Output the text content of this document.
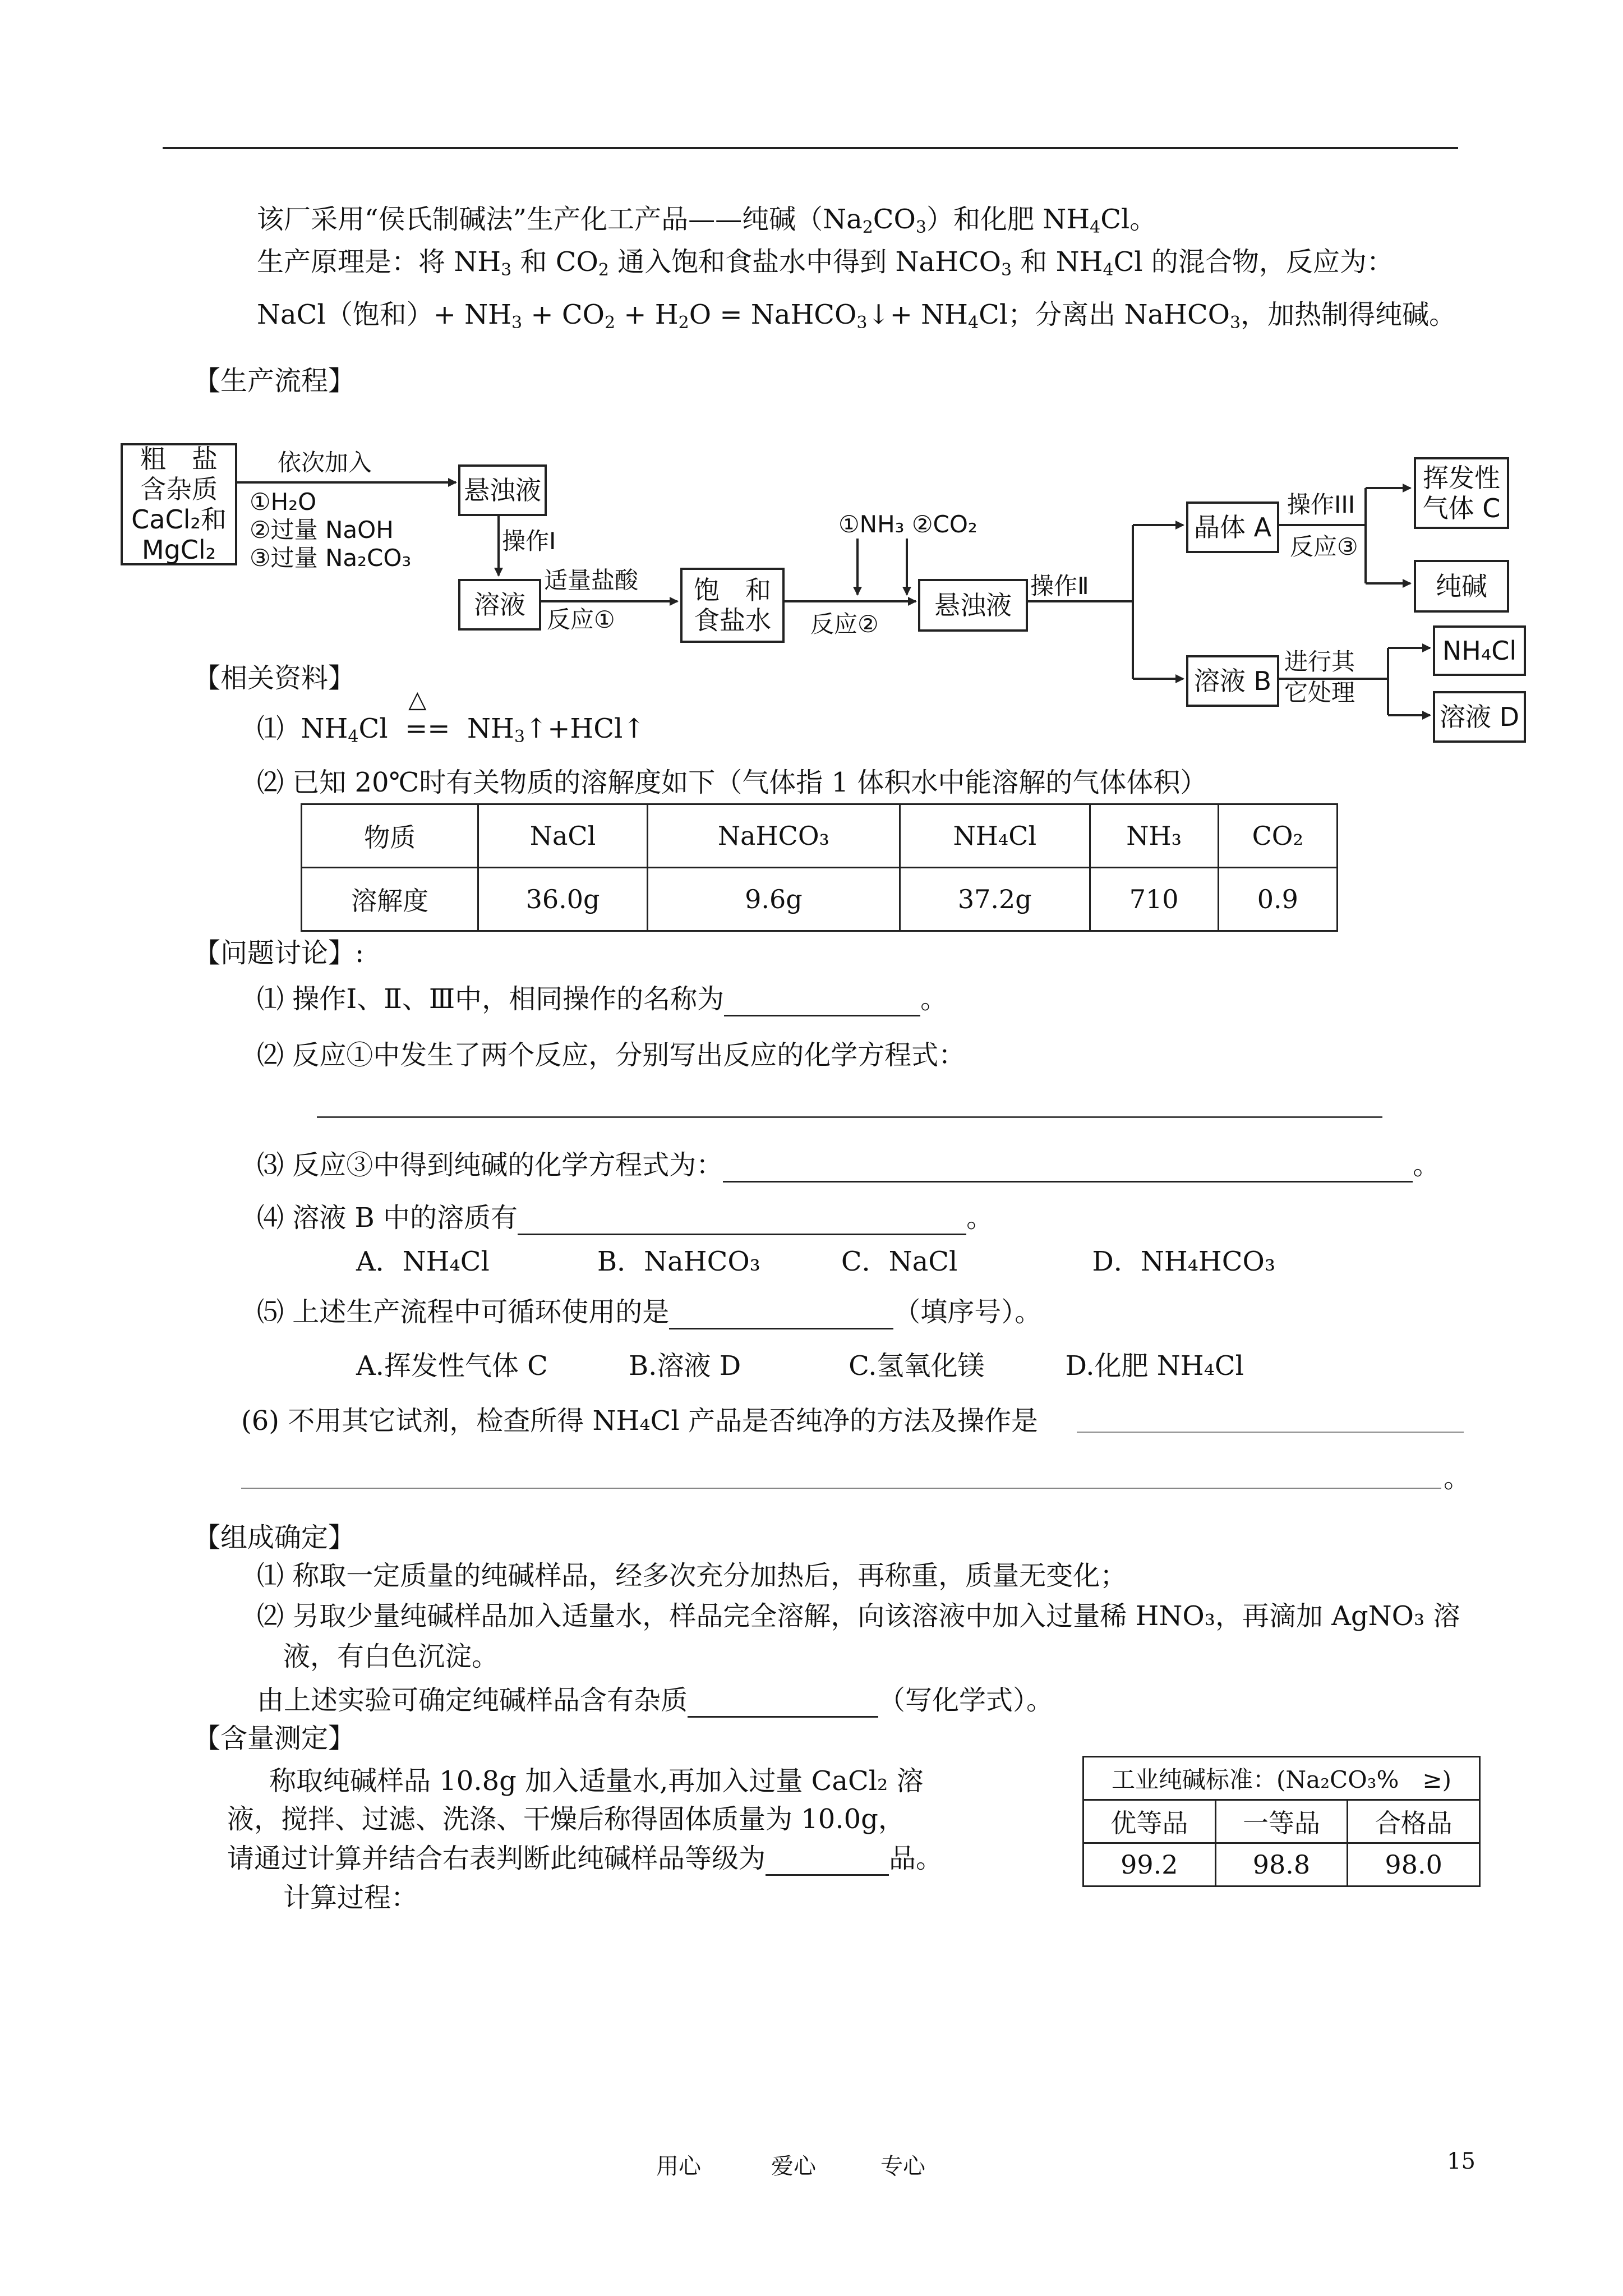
该厂采用“侯氏制碱法”生产化工产品——纯碱$(Na_2CO_3)$和化肥 $NH_4Cl$。
生产原理是：将 $NH_3$ 和 $CO_2$ 通入饱和食盐水中得到 NaHCO$_3$ 和 $NH_4Cl$ 的混合物，反应为：
NaCl（饱和）+ $NH_3 + CO_2 + H_2O$ = NaHCO$_3$↓+ $NH_4Cl$；分离出 NaHCO$_3$，加热制得纯碱。
【生产流程】
粗　盐
含杂质
CaCl₂和
MgCl₂
依次加入
①H₂O
②过量 NaOH
③过量 Na₂CO₃
悬浊液
操作Ⅰ
溶液
适量盐酸
反应①
饱　和
食盐水
①NH₃ ②CO₂
反应②
悬浊液
操作Ⅱ
晶体 A
操作III
反应③
挥发性
气体 C
纯碱
溶液 B
进行其
它处理
NH₄Cl
溶液 D
【相关资料】
⑴ $NH_4Cl$
△
== $NH_3↑+HCl↑$
⑵ 已知 20℃时有关物质的溶解度如下（气体指 1 体积水中能溶解的气体体积）
物质	NaCl	NaHCO₃	NH₄Cl	NH₃	CO₂
溶解度	36.0g	9.6g	37.2g	710	0.9
【问题讨论】:
⑴ 操作Ⅰ、Ⅱ、Ⅲ中，相同操作的名称为	。
⑵ 反应①中发生了两个反应，分别写出反应的化学方程式：
⑶ 反应③中得到纯碱的化学方程式为：	。
⑷ 溶液 B 中的溶质有	。
A．NH₄Cl　　　　B．NaHCO₃　　　C．NaCl　　　　　D．NH₄HCO₃
⑸ 上述生产流程中可循环使用的是	（填序号）。
A.挥发性气体 C　　　B.溶液 D　　　　C.氢氧化镁　　　D.化肥 NH₄Cl
(6) 不用其它试剂，检查所得 NH₄Cl 产品是否纯净的方法及操作是
。
【组成确定】
⑴ 称取一定质量的纯碱样品，经多次充分加热后，再称重，质量无变化；
⑵ 另取少量纯碱样品加入适量水，样品完全溶解，向该溶液中加入过量稀 HNO₃，再滴加 AgNO₃ 溶
液，有白色沉淀。
由上述实验可确定纯碱样品含有杂质	（写化学式）。
【含量测定】
称取纯碱样品 10.8g 加入适量水,再加入过量 CaCl₂ 溶
液，搅拌、过滤、洗涤、干燥后称得固体质量为 10.0g，
请通过计算并结合右表判断此纯碱样品等级为	品。
计算过程：
工业纯碱标准：(Na₂CO₃%　≥)		
优等品	一等品	合格品
99.2	98.8	98.0
用心	爱心	专心	15
